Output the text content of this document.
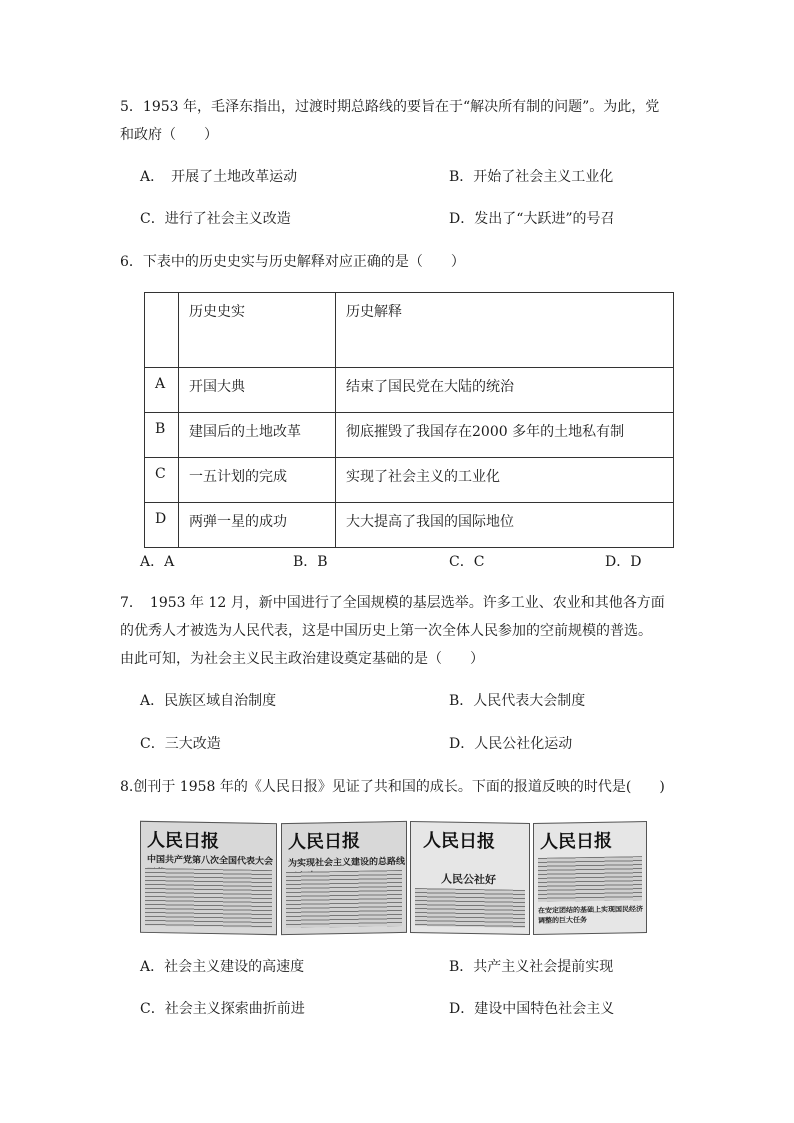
5．1953 年，毛泽东指出，过渡时期总路线的要旨在于“解决所有制的问题”。为此，党
和政府（　　）
A．　开展了土地改革运动	B．开始了社会主义工业化
C．进行了社会主义改造	D．发出了“大跃进”的号召
6．下表中的历史史实与历史解释对应正确的是（　　）
	历史史实	历史解释
A	开国大典	结束了国民党在大陆的统治
B	建国后的土地改革	彻底摧毁了我国存在2000 多年的土地私有制
C	一五计划的完成	实现了社会主义的工业化
D	两弹一星的成功	大大提高了我国的国际地位
A．A	B．B	C．C	D．D
7．　1953 年 12 月，新中国进行了全国规模的基层选举。许多工业、农业和其他各方面
的优秀人才被选为人民代表，这是中国历史上第一次全体人民参加的空前规模的普选。
由此可知，为社会主义民主政治建设奠定基础的是（　　）
A．民族区域自治制度	B．人民代表大会制度
C．三大改造	D．人民公社化运动
8.创刊于 1958 年的《人民日报》见证了共和国的成长。下面的报道反映的时代是(　　)
人民日报
中国共产党第八次全国代表大会开幕
人民日报
为实现社会主义建设的总路线而奋斗
人民日报
人民公社好
人民日报
在安定团结的基础上实现国民经济调整的巨大任务
A．社会主义建设的高速度	B．共产主义社会提前实现
C．社会主义探索曲折前进	D．建设中国特色社会主义
